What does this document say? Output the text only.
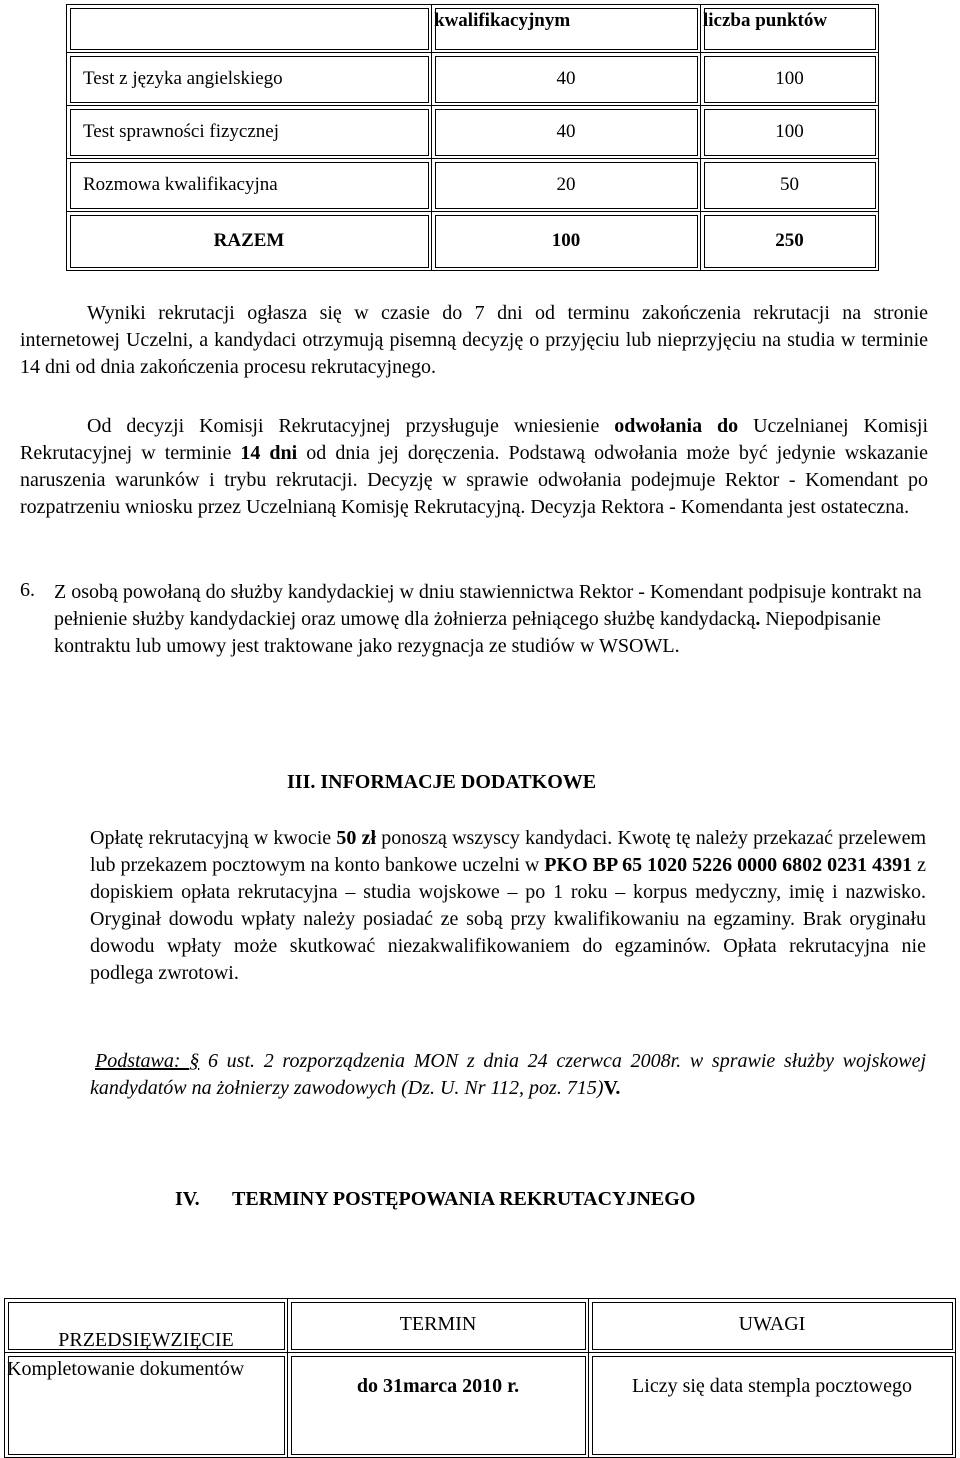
	kwalifikacyjnym	liczba punktów
Test z języka angielskiego	40	100
Test sprawności fizycznej	40	100
Rozmowa kwalifikacyjna	20	50
RAZEM	100	250

Wyniki rekrutacji ogłasza się w czasie do 7 dni od terminu zakończenia rekrutacji na stronie internetowej Uczelni, a kandydaci otrzymują pisemną decyzję o przyjęciu lub nieprzyjęciu na studia w terminie 14 dni od dnia zakończenia procesu rekrutacyjnego.

Od decyzji Komisji Rekrutacyjnej przysługuje wniesienie odwołania do Uczelnianej Komisji Rekrutacyjnej w terminie 14 dni od dnia jej doręczenia. Podstawą odwołania może być jedynie wskazanie naruszenia warunków i trybu rekrutacji. Decyzję w sprawie odwołania podejmuje Rektor - Komendant po rozpatrzeniu wniosku przez Uczelnianą Komisję Rekrutacyjną. Decyzja Rektora - Komendanta jest ostateczna.

6. Z osobą powołaną do służby kandydackiej w dniu stawiennictwa Rektor - Komendant podpisuje kontrakt na pełnienie służby kandydackiej oraz umowę dla żołnierza pełniącego służbę kandydacką. Niepodpisanie kontraktu lub umowy jest traktowane jako rezygnacja ze studiów w WSOWL.

III. INFORMACJE DODATKOWE

Opłatę rekrutacyjną w kwocie 50 zł ponoszą wszyscy kandydaci. Kwotę tę należy przekazać przelewem lub przekazem pocztowym na konto bankowe uczelni w PKO BP 65 1020 5226 0000 6802 0231 4391 z dopiskiem opłata rekrutacyjna – studia wojskowe – po 1 roku – korpus medyczny, imię i nazwisko. Oryginał dowodu wpłaty należy posiadać ze sobą przy kwalifikowaniu na egzaminy. Brak oryginału dowodu wpłaty może skutkować niezakwalifikowaniem do egzaminów. Opłata rekrutacyjna nie podlega zwrotowi.

Podstawa: § 6 ust. 2 rozporządzenia MON z dnia 24 czerwca 2008r. w sprawie służby wojskowej kandydatów na żołnierzy zawodowych (Dz. U. Nr 112, poz. 715)V.

IV. TERMINY POSTĘPOWANIA REKRUTACYJNEGO
PRZEDSIĘWZIĘCIE	TERMIN	UWAGI
Kompletowanie dokumentów	do 31marca 2010 r.	Liczy się data stempla pocztowego
